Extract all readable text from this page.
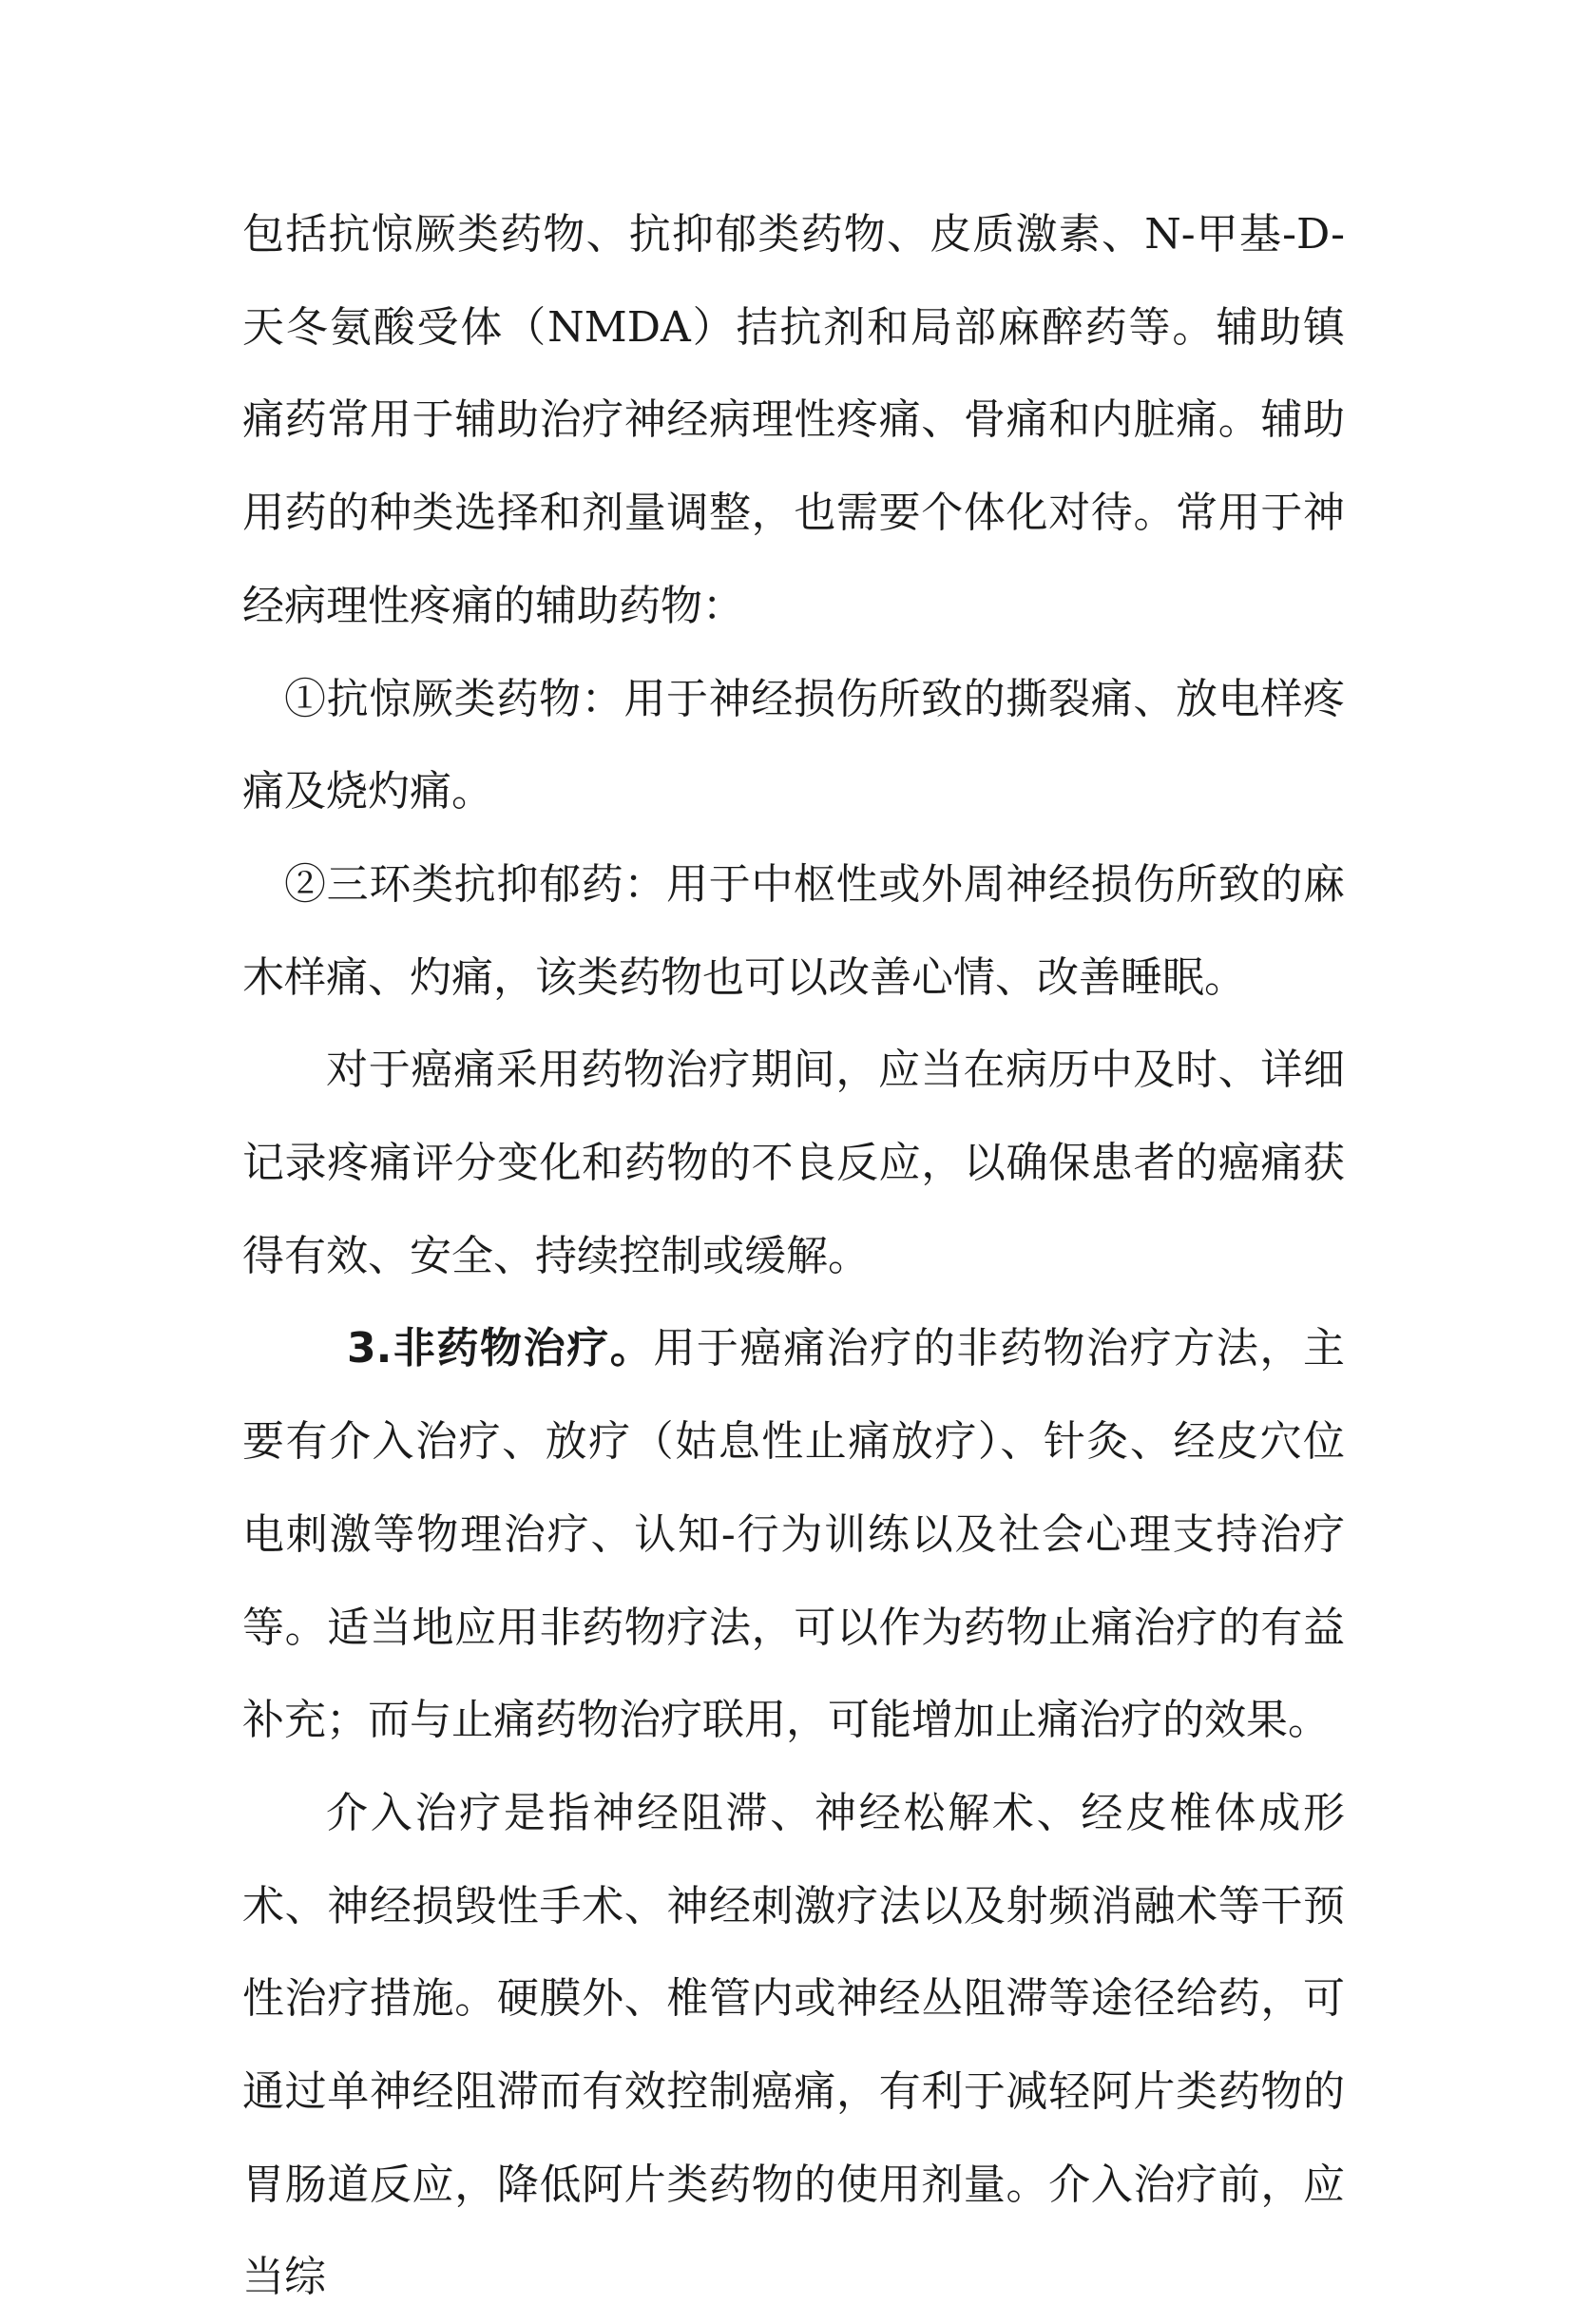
包括抗惊厥类药物、抗抑郁类药物、皮质激素、N-甲基-D-天冬氨酸受体（NMDA）拮抗剂和局部麻醉药等。辅助镇痛药常用于辅助治疗神经病理性疼痛、骨痛和内脏痛。辅助用药的种类选择和剂量调整，也需要个体化对待。常用于神经病理性疼痛的辅助药物：

①抗惊厥类药物：用于神经损伤所致的撕裂痛、放电样疼痛及烧灼痛。

②三环类抗抑郁药：用于中枢性或外周神经损伤所致的麻木样痛、灼痛，该类药物也可以改善心情、改善睡眠。

对于癌痛采用药物治疗期间，应当在病历中及时、详细记录疼痛评分变化和药物的不良反应，以确保患者的癌痛获得有效、安全、持续控制或缓解。

3.非药物治疗。用于癌痛治疗的非药物治疗方法，主要有介入治疗、放疗（姑息性止痛放疗）、针灸、经皮穴位电刺激等物理治疗、认知-行为训练以及社会心理支持治疗等。适当地应用非药物疗法，可以作为药物止痛治疗的有益补充；而与止痛药物治疗联用，可能增加止痛治疗的效果。

介入治疗是指神经阻滞、神经松解术、经皮椎体成形术、神经损毁性手术、神经刺激疗法以及射频消融术等干预性治疗措施。硬膜外、椎管内或神经丛阻滞等途径给药，可通过单神经阻滞而有效控制癌痛，有利于减轻阿片类药物的胃肠道反应，降低阿片类药物的使用剂量。介入治疗前，应当综
